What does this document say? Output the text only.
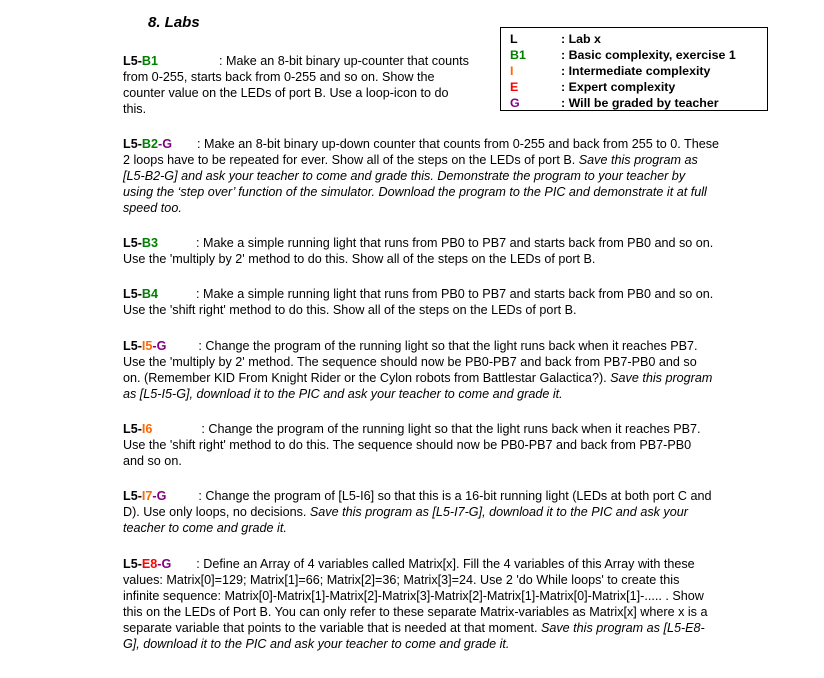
8. Labs
L	: Lab x
B1	: Basic complexity, exercise 1
I	: Intermediate complexity
E	: Expert complexity
G	: Will be graded by teacher
L5-B1	: Make an 8-bit binary up-counter that counts
from 0-255, starts back from 0-255 and so on. Show the
counter value on the LEDs of port B. Use a loop-icon to do
this.
L5-B2-G : Make an 8-bit binary up-down counter that counts from 0-255 and back from 255 to 0. These
2 loops have to be repeated for ever. Show all of the steps on the LEDs of port B. Save this program as
[L5-B2-G] and ask your teacher to come and grade this. Demonstrate the program to your teacher by
using the ‘step over’ function of the simulator. Download the program to the PIC and demonstrate it at full
speed too.
L5-B3	: Make a simple running light that runs from PB0 to PB7 and starts back from PB0 and so on.
Use the 'multiply by 2' method to do this. Show all of the steps on the LEDs of port B.
L5-B4	: Make a simple running light that runs from PB0 to PB7 and starts back from PB0 and so on.
Use the 'shift right' method to do this. Show all of the steps on the LEDs of port B.
L5-I5-G	: Change the program of the running light so that the light runs back when it reaches PB7.
Use the 'multiply by 2' method. The sequence should now be PB0-PB7 and back from PB7-PB0 and so
on. (Remember KID From Knight Rider or the Cylon robots from Battlestar Galactica?). Save this program
as [L5-I5-G], download it to the PIC and ask your teacher to come and grade it.
L5-I6	: Change the program of the running light so that the light runs back when it reaches PB7.
Use the 'shift right' method to do this. The sequence should now be PB0-PB7 and back from PB7-PB0
and so on.
L5-I7-G	: Change the program of [L5-I6] so that this is a 16-bit running light (LEDs at both port C and
D). Use only loops, no decisions. Save this program as [L5-I7-G], download it to the PIC and ask your
teacher to come and grade it.
L5-E8-G : Define an Array of 4 variables called Matrix[x]. Fill the 4 variables of this Array with these
values: Matrix[0]=129; Matrix[1]=66; Matrix[2]=36; Matrix[3]=24. Use 2 'do While loops' to create this
infinite sequence: Matrix[0]-Matrix[1]-Matrix[2]-Matrix[3]-Matrix[2]-Matrix[1]-Matrix[0]-Matrix[1]-..... . Show
this on the LEDs of Port B. You can only refer to these separate Matrix-variables as Matrix[x] where x is a
separate variable that points to the variable that is needed at that moment. Save this program as [L5-E8-
G], download it to the PIC and ask your teacher to come and grade it.
